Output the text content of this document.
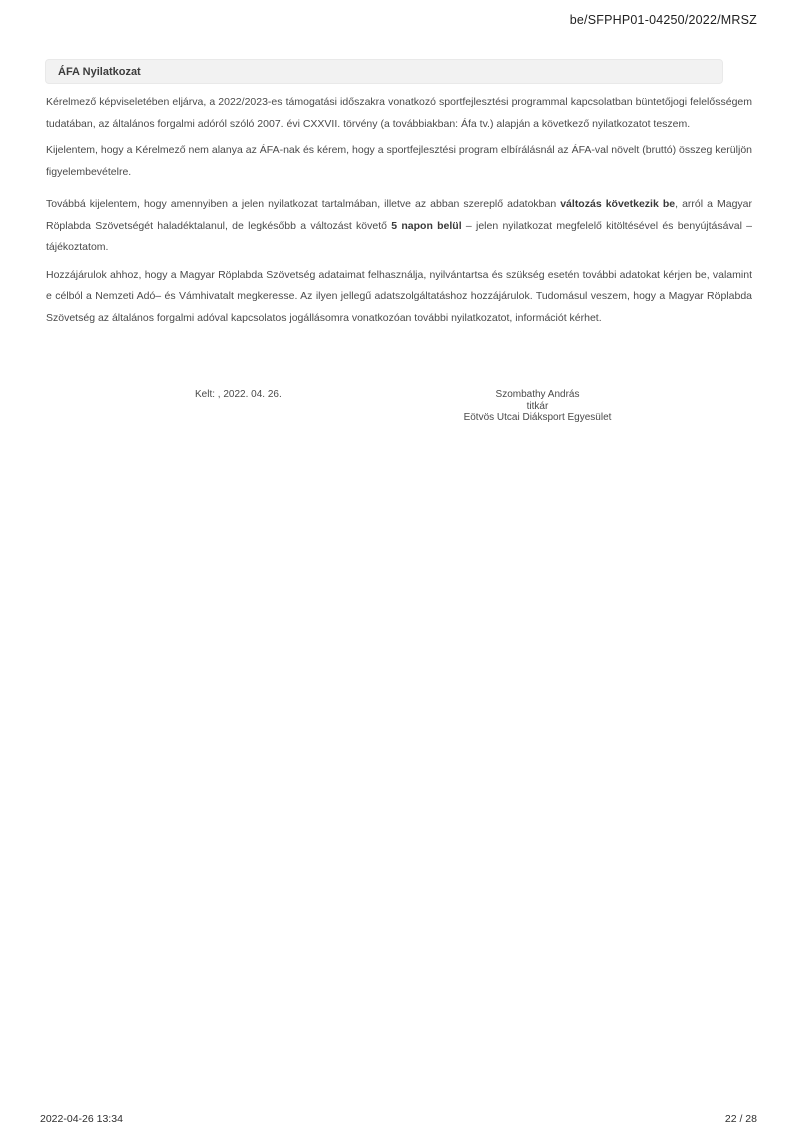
be/SFPHP01-04250/2022/MRSZ
ÁFA Nyilatkozat

Kérelmező képviseletében eljárva, a 2022/2023-es támogatási időszakra vonatkozó sportfejlesztési programmal kapcsolatban büntetőjogi felelősségem tudatában, az általános forgalmi adóról szóló 2007. évi CXXVII. törvény (a továbbiakban: Áfa tv.) alapján a következő nyilatkozatot teszem.

Kijelentem, hogy a Kérelmező nem alanya az ÁFA-nak és kérem, hogy a sportfejlesztési program elbírálásnál az ÁFA-val növelt (bruttó) összeg kerüljön figyelembevételre.

Továbbá kijelentem, hogy amennyiben a jelen nyilatkozat tartalmában, illetve az abban szereplő adatokban változás következik be, arról a Magyar Röplabda Szövetségét haladéktalanul, de legkésőbb a változást követő 5 napon belül – jelen nyilatkozat megfelelő kitöltésével és benyújtásával – tájékoztatom.

Hozzájárulok ahhoz, hogy a Magyar Röplabda Szövetség adataimat felhasználja, nyilvántartsa és szükség esetén további adatokat kérjen be, valamint e célból a Nemzeti Adó– és Vámhivatalt megkeresse. Az ilyen jellegű adatszolgáltatáshoz hozzájárulok. Tudomásul veszem, hogy a Magyar Röplabda Szövetség az általános forgalmi adóval kapcsolatos jogállásomra vonatkozóan további nyilatkozatot, információt kérhet.

Kelt: , 2022. 04. 26.	Szombathy András
titkár
Eötvös Utcai Diáksport Egyesület
2022-04-26 13:34	22 / 28
